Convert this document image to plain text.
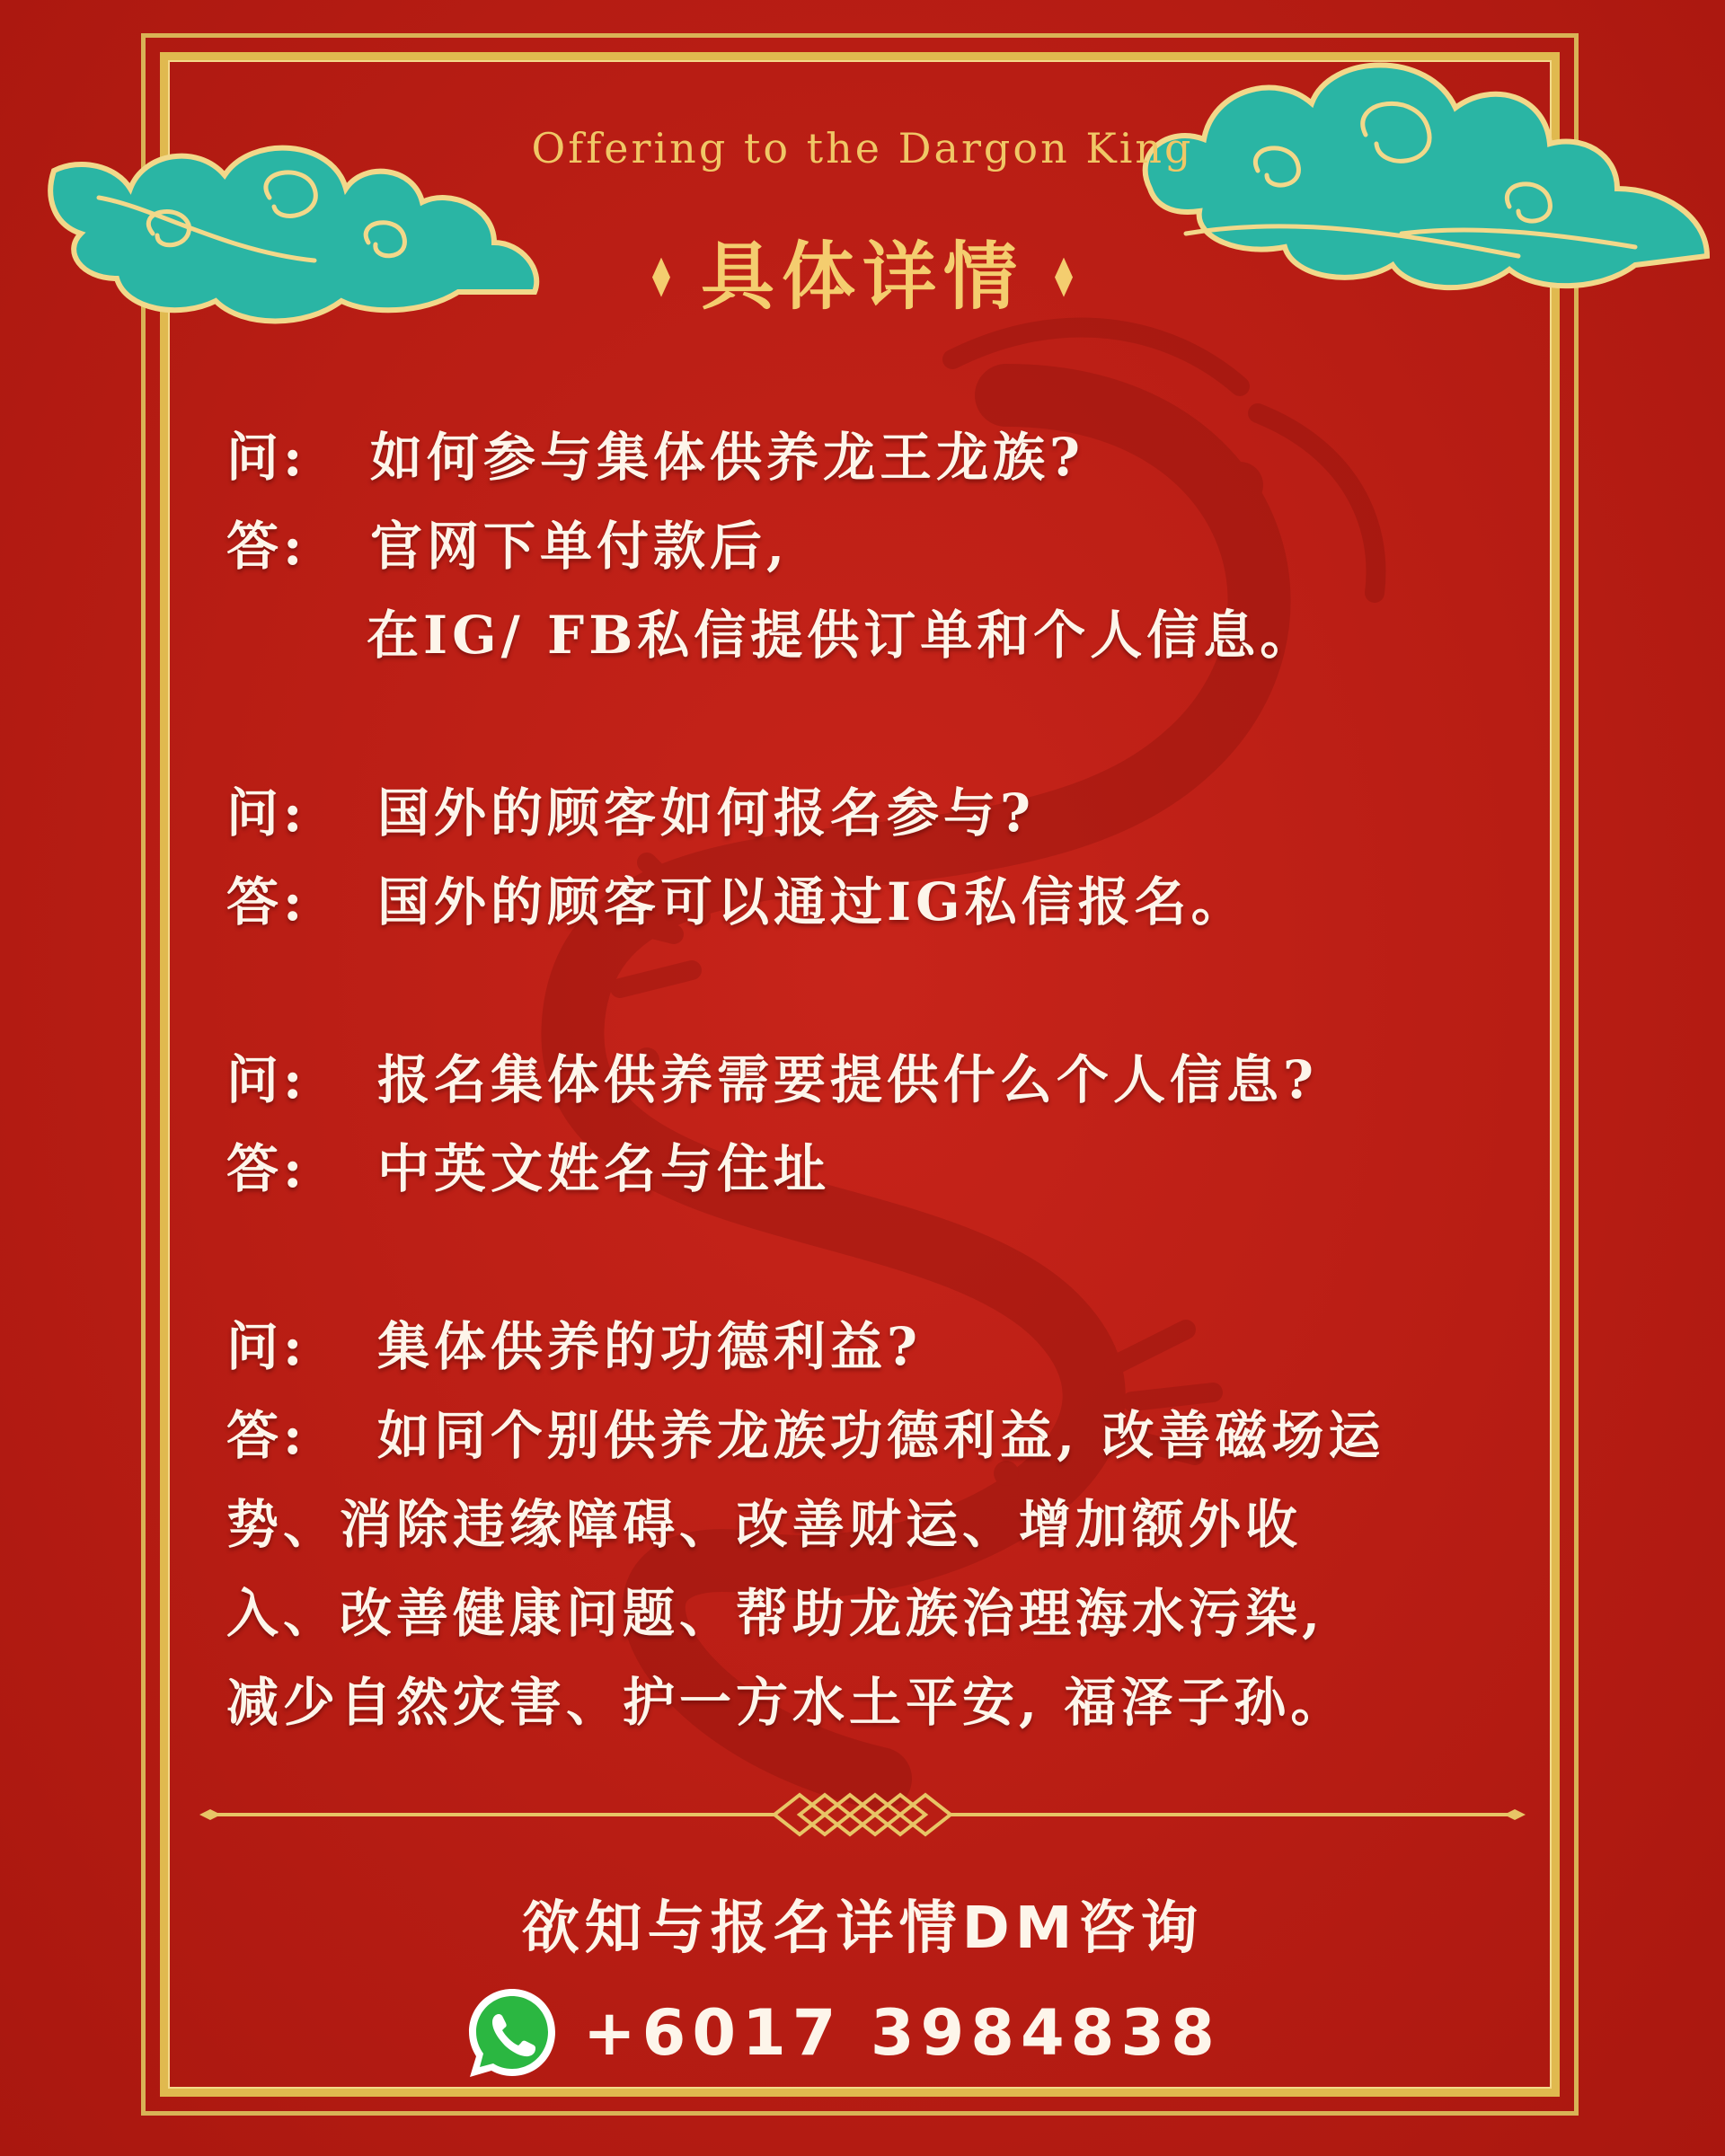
Offering to the Dargon King
具体详情
问: 如何参与集体供养龙王龙族?
答: 官网下单付款后,
在IG/ FB私信提供订单和个人信息。
问: 国外的顾客如何报名参与?
答: 国外的顾客可以通过IG私信报名。
问: 报名集体供养需要提供什么个人信息?
答: 中英文姓名与住址
问: 集体供养的功德利益?
答: 如同个别供养龙族功德利益, 改善磁场运
势、消除违缘障碍、改善财运、增加额外收
入、改善健康问题、帮助龙族治理海水污染,
减少自然灾害、护一方水土平安, 福泽子孙。
欲知与报名详情DM咨询
+6017 3984838
